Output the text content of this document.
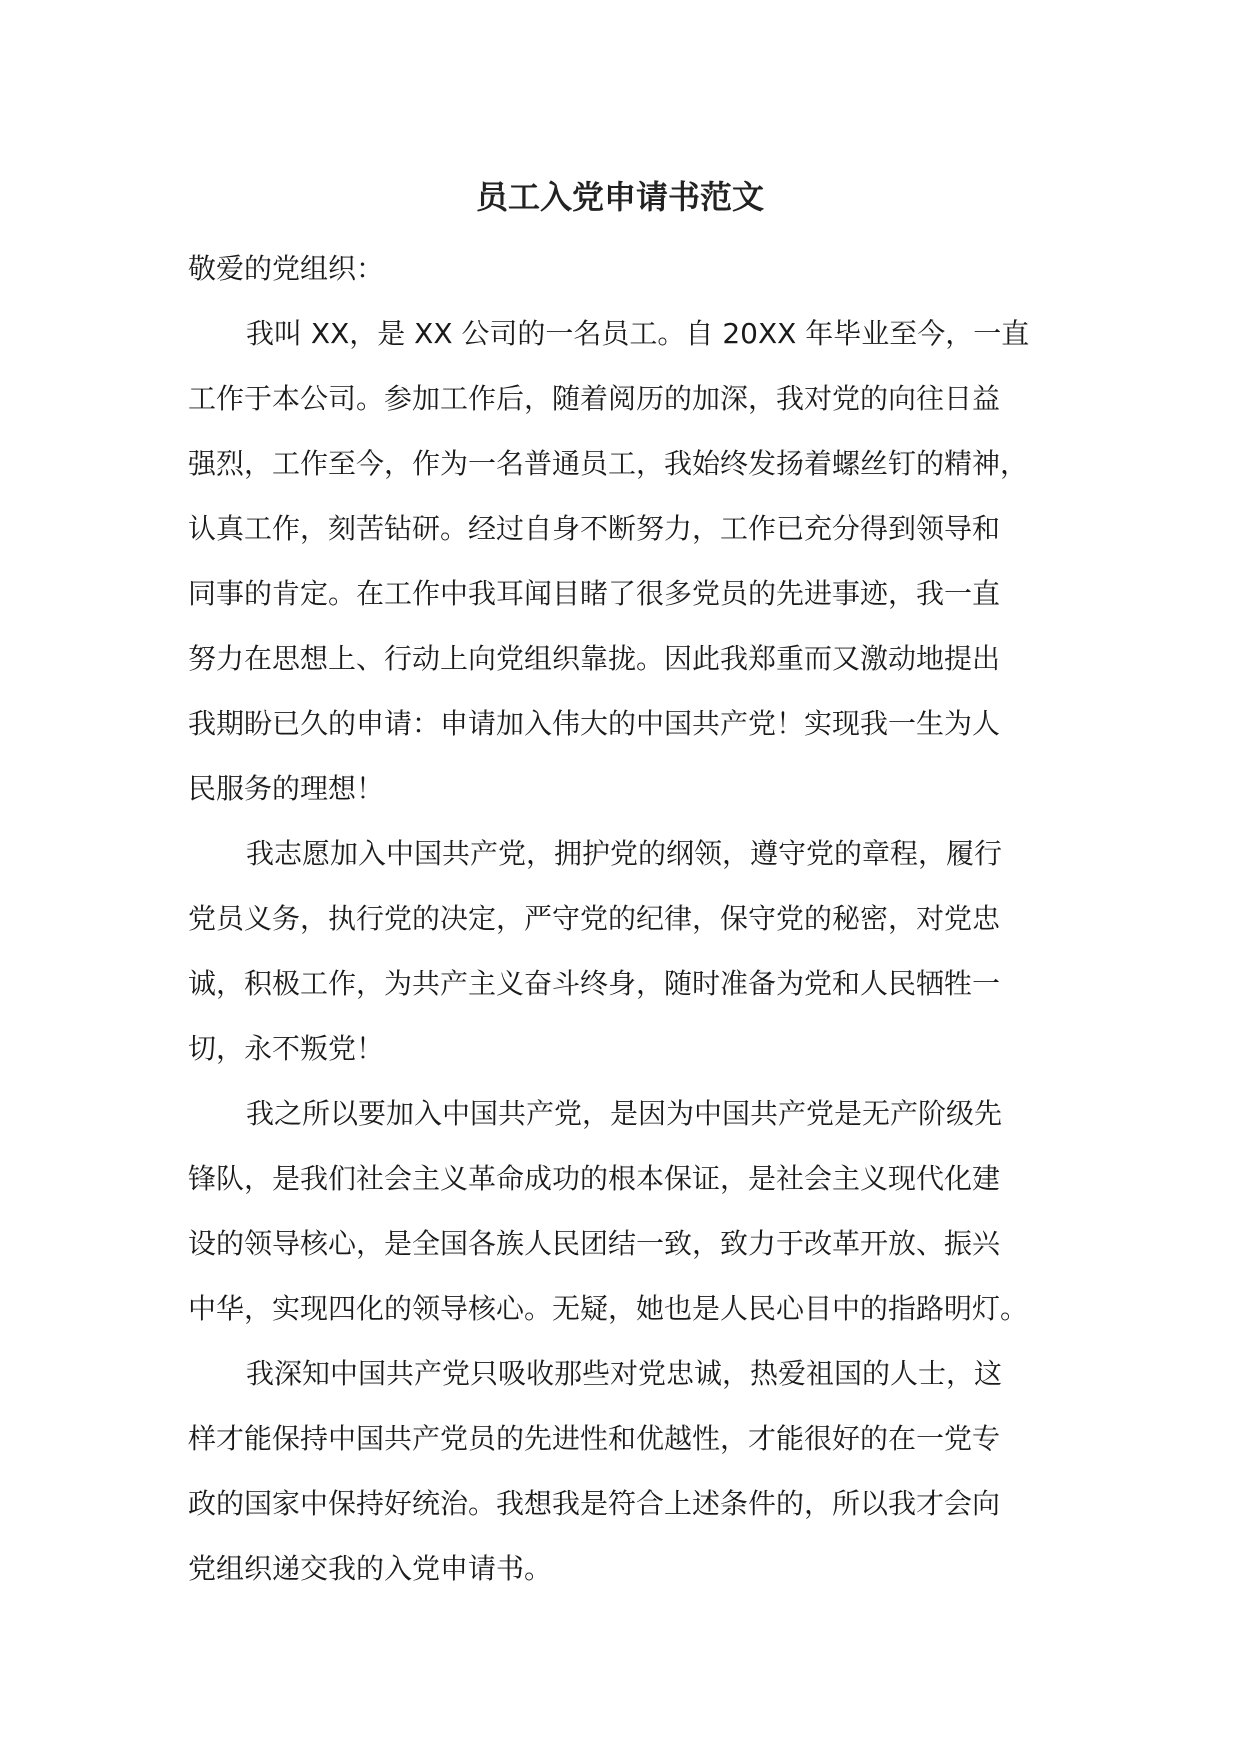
员工入党申请书范文
敬爱的党组织：
我叫 XX，是 XX 公司的一名员工。自 20XX 年毕业至今，一直
工作于本公司。参加工作后，随着阅历的加深，我对党的向往日益
强烈，工作至今，作为一名普通员工，我始终发扬着螺丝钉的精神，
认真工作，刻苦钻研。经过自身不断努力，工作已充分得到领导和
同事的肯定。在工作中我耳闻目睹了很多党员的先进事迹，我一直
努力在思想上、行动上向党组织靠拢。因此我郑重而又激动地提出
我期盼已久的申请：申请加入伟大的中国共产党！实现我一生为人
民服务的理想！
我志愿加入中国共产党，拥护党的纲领，遵守党的章程，履行
党员义务，执行党的决定，严守党的纪律，保守党的秘密，对党忠
诚，积极工作，为共产主义奋斗终身，随时准备为党和人民牺牲一
切，永不叛党！
我之所以要加入中国共产党，是因为中国共产党是无产阶级先
锋队，是我们社会主义革命成功的根本保证，是社会主义现代化建
设的领导核心，是全国各族人民团结一致，致力于改革开放、振兴
中华，实现四化的领导核心。无疑，她也是人民心目中的指路明灯。
我深知中国共产党只吸收那些对党忠诚，热爱祖国的人士，这
样才能保持中国共产党员的先进性和优越性，才能很好的在一党专
政的国家中保持好统治。我想我是符合上述条件的，所以我才会向
党组织递交我的入党申请书。
